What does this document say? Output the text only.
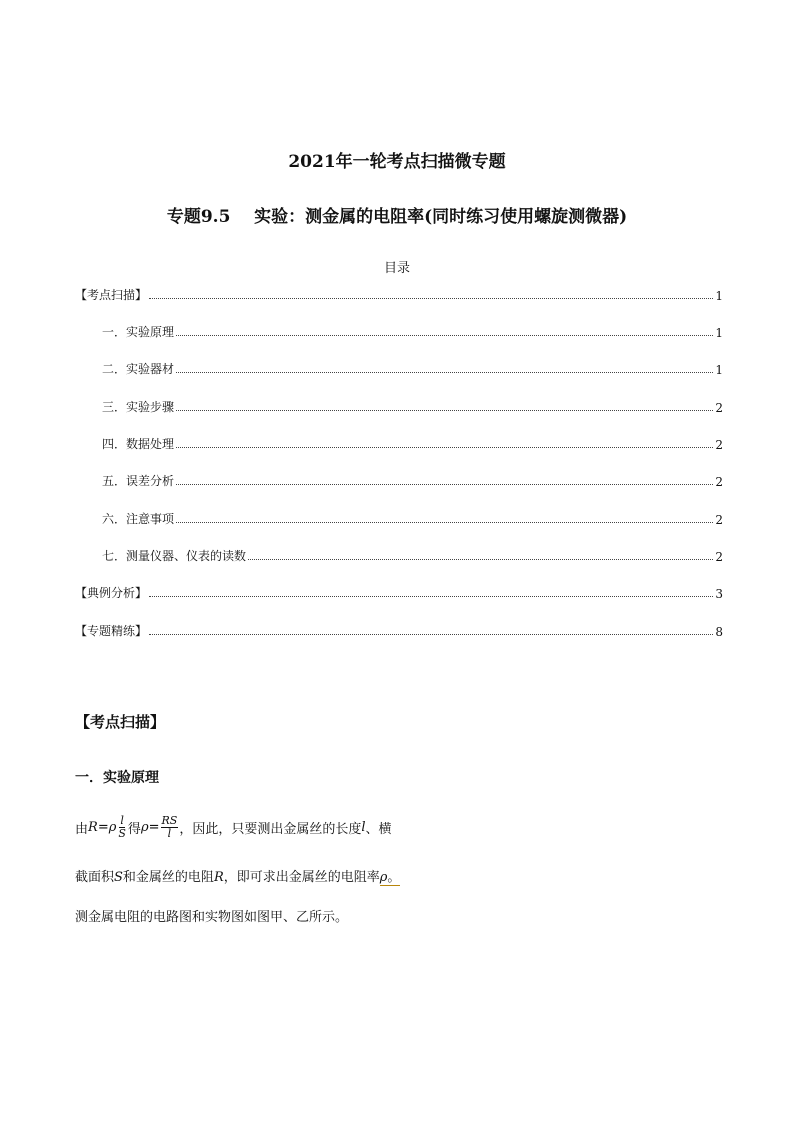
2021年一轮考点扫描微专题
专题9.5    实验：测金属的电阻率(同时练习使用螺旋测微器)
目录
【考点扫描】	1
一．实验原理	1
二．实验器材	1
三．实验步骤	2
四．数据处理	2
五．误差分析	2
六．注意事项	2
七．测量仪器、仪表的读数	2
【典例分析】	3
【专题精练】	8
【考点扫描】
一．实验原理
由 R = ρ $\frac{l}{S}$ 得 $\rho = \frac{RS}{l}$ ，因此，只要测出金属丝的长度 l 、横
截面积S和金属丝的电阻R，即可求出金属丝的电阻率ρ。
测金属电阻的电路图和实物图如图甲、乙所示。
